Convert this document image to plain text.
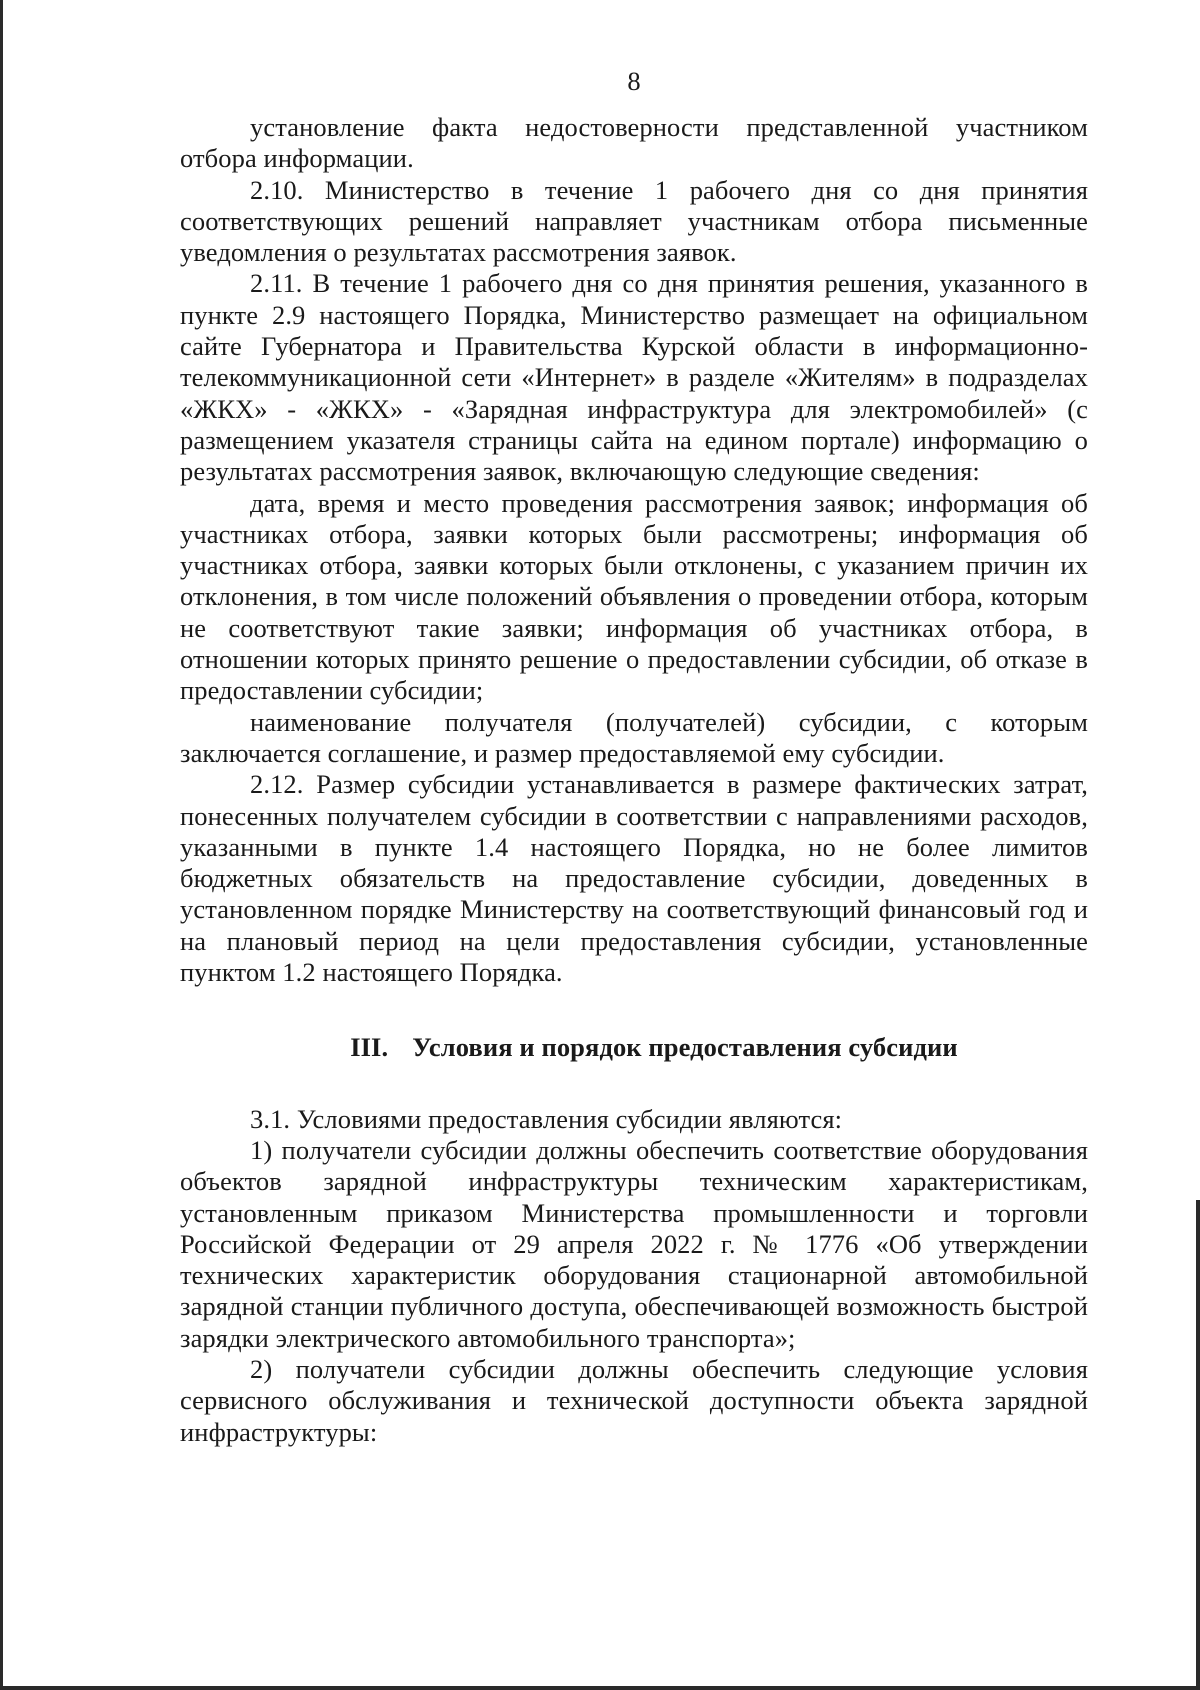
8

установление факта недостоверности представленной участником отбора информации.

2.10. Министерство в течение 1 рабочего дня со дня принятия соответствующих решений направляет участникам отбора письменные уведомления о результатах рассмотрения заявок.

2.11. В течение 1 рабочего дня со дня принятия решения, указанного в пункте 2.9 настоящего Порядка, Министерство размещает на официальном сайте Губернатора и Правительства Курской области в информационно-телекоммуникационной сети «Интернет» в разделе «Жителям» в подразделах «ЖКХ» - «ЖКХ» - «Зарядная инфраструктура для электромобилей» (с размещением указателя страницы сайта на едином портале) информацию о результатах рассмотрения заявок, включающую следующие сведения:

дата, время и место проведения рассмотрения заявок; информация об участниках отбора, заявки которых были рассмотрены; информация об участниках отбора, заявки которых были отклонены, с указанием причин их отклонения, в том числе положений объявления о проведении отбора, которым не соответствуют такие заявки; информация об участниках отбора, в отношении которых принято решение о предоставлении субсидии, об отказе в предоставлении субсидии;

наименование получателя (получателей) субсидии, с которым заключается соглашение, и размер предоставляемой ему субсидии.

2.12. Размер субсидии устанавливается в размере фактических затрат, понесенных получателем субсидии в соответствии с направлениями расходов, указанными в пункте 1.4 настоящего Порядка, но не более лимитов бюджетных обязательств на предоставление субсидии, доведенных в установленном порядке Министерству на соответствующий финансовый год и на плановый период на цели предоставления субсидии, установленные пунктом 1.2 настоящего Порядка.

III. Условия и порядок предоставления субсидии

3.1. Условиями предоставления субсидии являются:

1) получатели субсидии должны обеспечить соответствие оборудования объектов зарядной инфраструктуры техническим характеристикам, установленным приказом Министерства промышленности и торговли Российской Федерации от 29 апреля 2022 г. № 1776 «Об утверждении технических характеристик оборудования стационарной автомобильной зарядной станции публичного доступа, обеспечивающей возможность быстрой зарядки электрического автомобильного транспорта»;

2) получатели субсидии должны обеспечить следующие условия сервисного обслуживания и технической доступности объекта зарядной инфраструктуры:
